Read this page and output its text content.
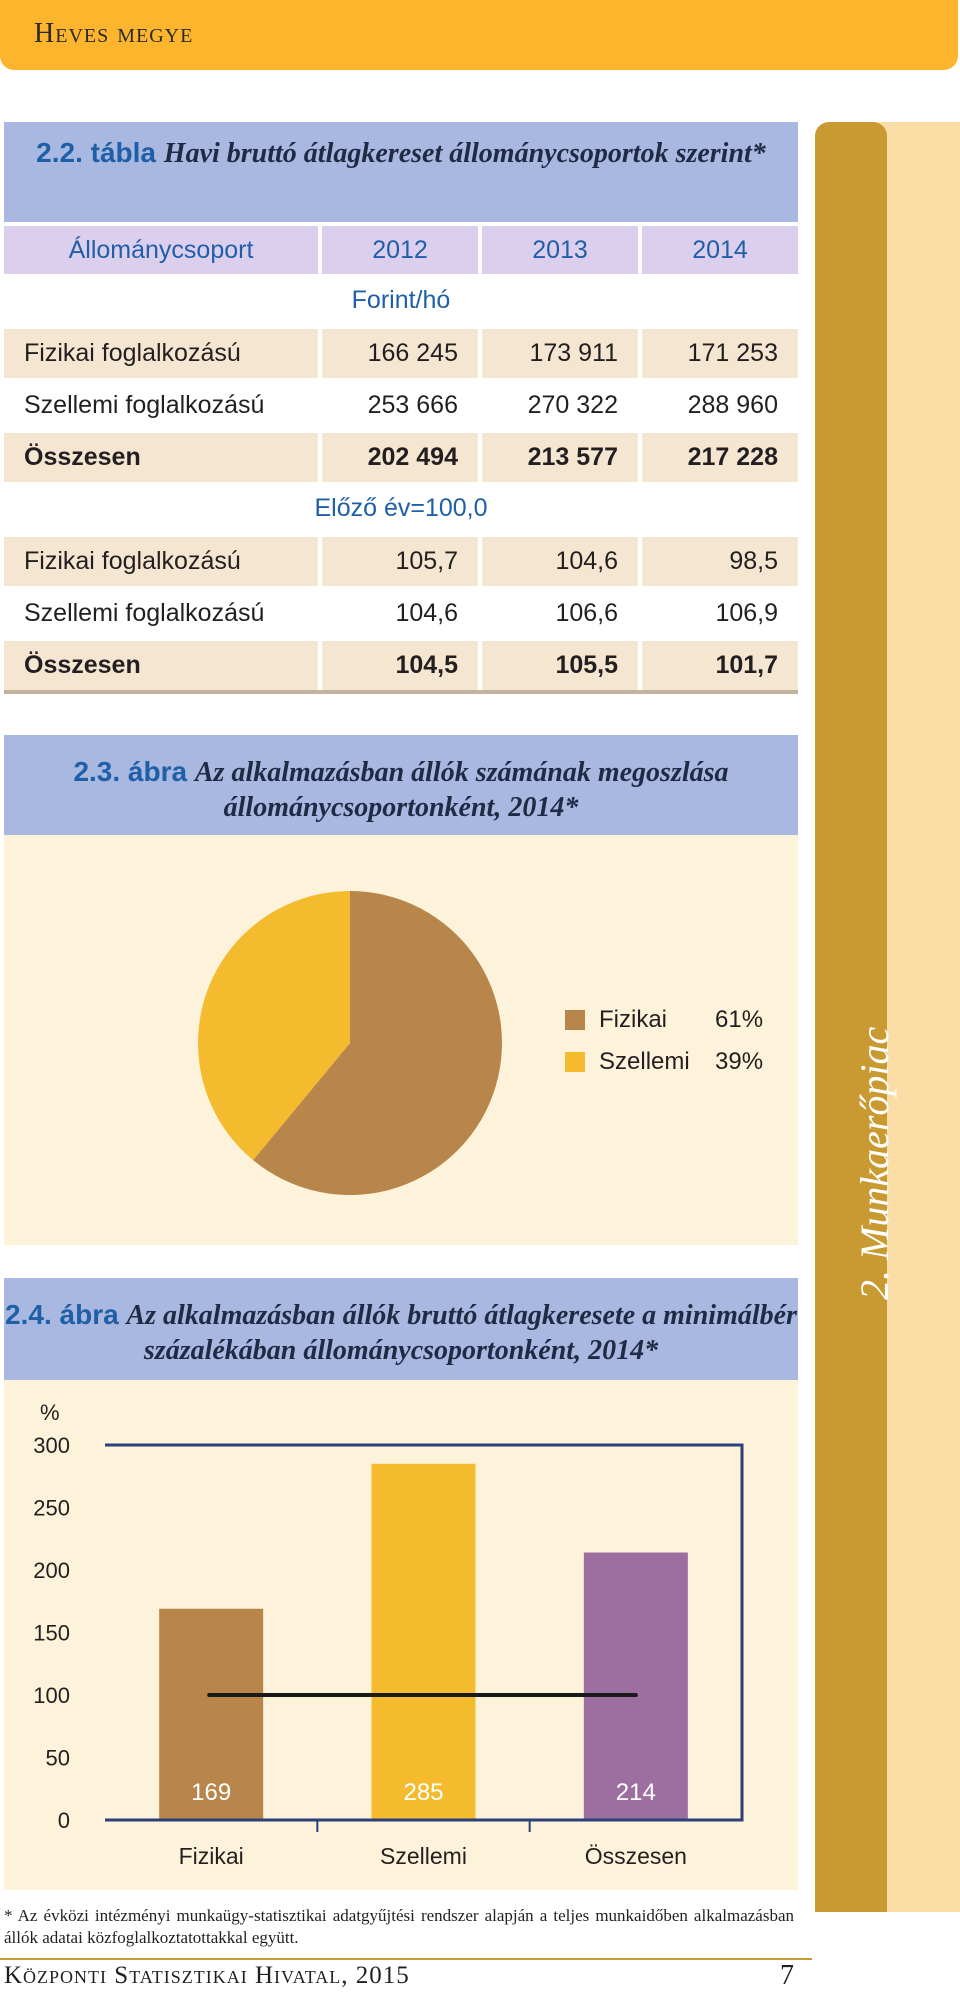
Heves megye
2. Munkaerőpiac
2.2. tábla Havi bruttó átlagkereset állománycsoportok szerint*
Állománycsoport	2012	2013	2014
Forint/hó			
Fizikai foglalkozású	166 245	173 911	171 253
Szellemi foglalkozású	253 666	270 322	288 960
Összesen	202 494	213 577	217 228
Előző év=100,0			
Fizikai foglalkozású	105,7	104,6	98,5
Szellemi foglalkozású	104,6	106,6	106,9
Összesen	104,5	105,5	101,7
2.3. ábra Az alkalmazásban állók számának megoszlása állománycsoportonként, 2014*
Fizikai 61%
Szellemi 39%
2.4. ábra Az alkalmazásban állók bruttó átlagkeresete a minimálbér százalékában állománycsoportonként, 2014*
%
0
50
100
150
200
250
300
169
Fizikai
285
Szellemi
214
Összesen
* Az évközi intézményi munkaügy-statisztikai adatgyűjtési rendszer alapján a teljes munkaidőben alkalmazásban állók adatai közfoglalkoztatottakkal együtt.
Központi Statisztikai Hivatal, 2015	7
